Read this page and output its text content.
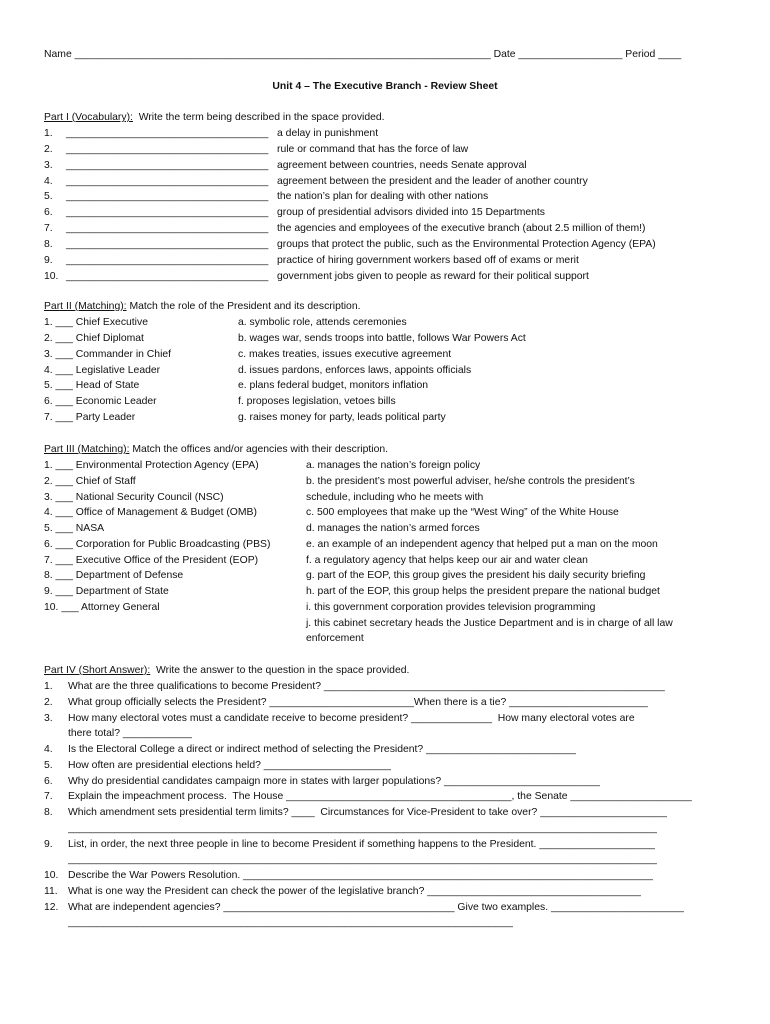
Name ________________________________________________________________________ Date __________________ Period ____
Unit 4 – The Executive Branch - Review Sheet
Part I (Vocabulary):  Write the term being described in the space provided.
1. ___________________________________ a delay in punishment
2. ___________________________________ rule or command that has the force of law
3. ___________________________________ agreement between countries, needs Senate approval
4. ___________________________________ agreement between the president and the leader of another country
5. ___________________________________ the nation’s plan for dealing with other nations
6. ___________________________________ group of presidential advisors divided into 15 Departments
7. ___________________________________ the agencies and employees of the executive branch (about 2.5 million of them!)
8. ___________________________________ groups that protect the public, such as the Environmental Protection Agency (EPA)
9. ___________________________________ practice of hiring government workers based off of exams or merit
10. ___________________________________ government jobs given to people as reward for their political support
Part II (Matching): Match the role of the President and its description.
1. ___ Chief Executive
2. ___ Chief Diplomat
3. ___ Commander in Chief
4. ___ Legislative Leader
5. ___ Head of State
6. ___ Economic Leader
7. ___ Party Leader
a. symbolic role, attends ceremonies
b. wages war, sends troops into battle, follows War Powers Act
c. makes treaties, issues executive agreement
d. issues pardons, enforces laws, appoints officials
e. plans federal budget, monitors inflation
f. proposes legislation, vetoes bills
g. raises money for party, leads political party
Part III (Matching): Match the offices and/or agencies with their description.
1. ___ Environmental Protection Agency (EPA)
2. ___ Chief of Staff
3. ___ National Security Council (NSC)
4. ___ Office of Management & Budget (OMB)
5. ___ NASA
6. ___ Corporation for Public Broadcasting (PBS)
7. ___ Executive Office of the President (EOP)
8. ___ Department of Defense
9. ___ Department of State
10. ___ Attorney General
a. manages the nation’s foreign policy
b. the president’s most powerful adviser, he/she controls the president’s
schedule, including who he meets with
c. 500 employees that make up the “West Wing” of the White House
d. manages the nation’s armed forces
e. an example of an independent agency that helped put a man on the moon
f. a regulatory agency that helps keep our air and water clean
g. part of the EOP, this group gives the president his daily security briefing
h. part of the EOP, this group helps the president prepare the national budget
i. this government corporation provides television programming
j. this cabinet secretary heads the Justice Department and is in charge of all law
enforcement
Part IV (Short Answer):  Write the answer to the question in the space provided.
1. What are the three qualifications to become President? ___________________________________________________________
2. What group officially selects the President? _________________________When there is a tie? ________________________
3. How many electoral votes must a candidate receive to become president? ______________  How many electoral votes are
there total? ____________
4. Is the Electoral College a direct or indirect method of selecting the President? __________________________
5. How often are presidential elections held? ______________________
6. Why do presidential candidates campaign more in states with larger populations? ___________________________
7. Explain the impeachment process.  The House _______________________________________, the Senate _____________________
8. Which amendment sets presidential term limits? ____  Circumstances for Vice-President to take over? ______________________
______________________________________________________________________________________________________
9. List, in order, the next three people in line to become President if something happens to the President. ____________________
______________________________________________________________________________________________________
10. Describe the War Powers Resolution. _______________________________________________________________________
11. What is one way the President can check the power of the legislative branch? _____________________________________
12. What are independent agencies? ________________________________________ Give two examples. _______________________
_____________________________________________________________________________
